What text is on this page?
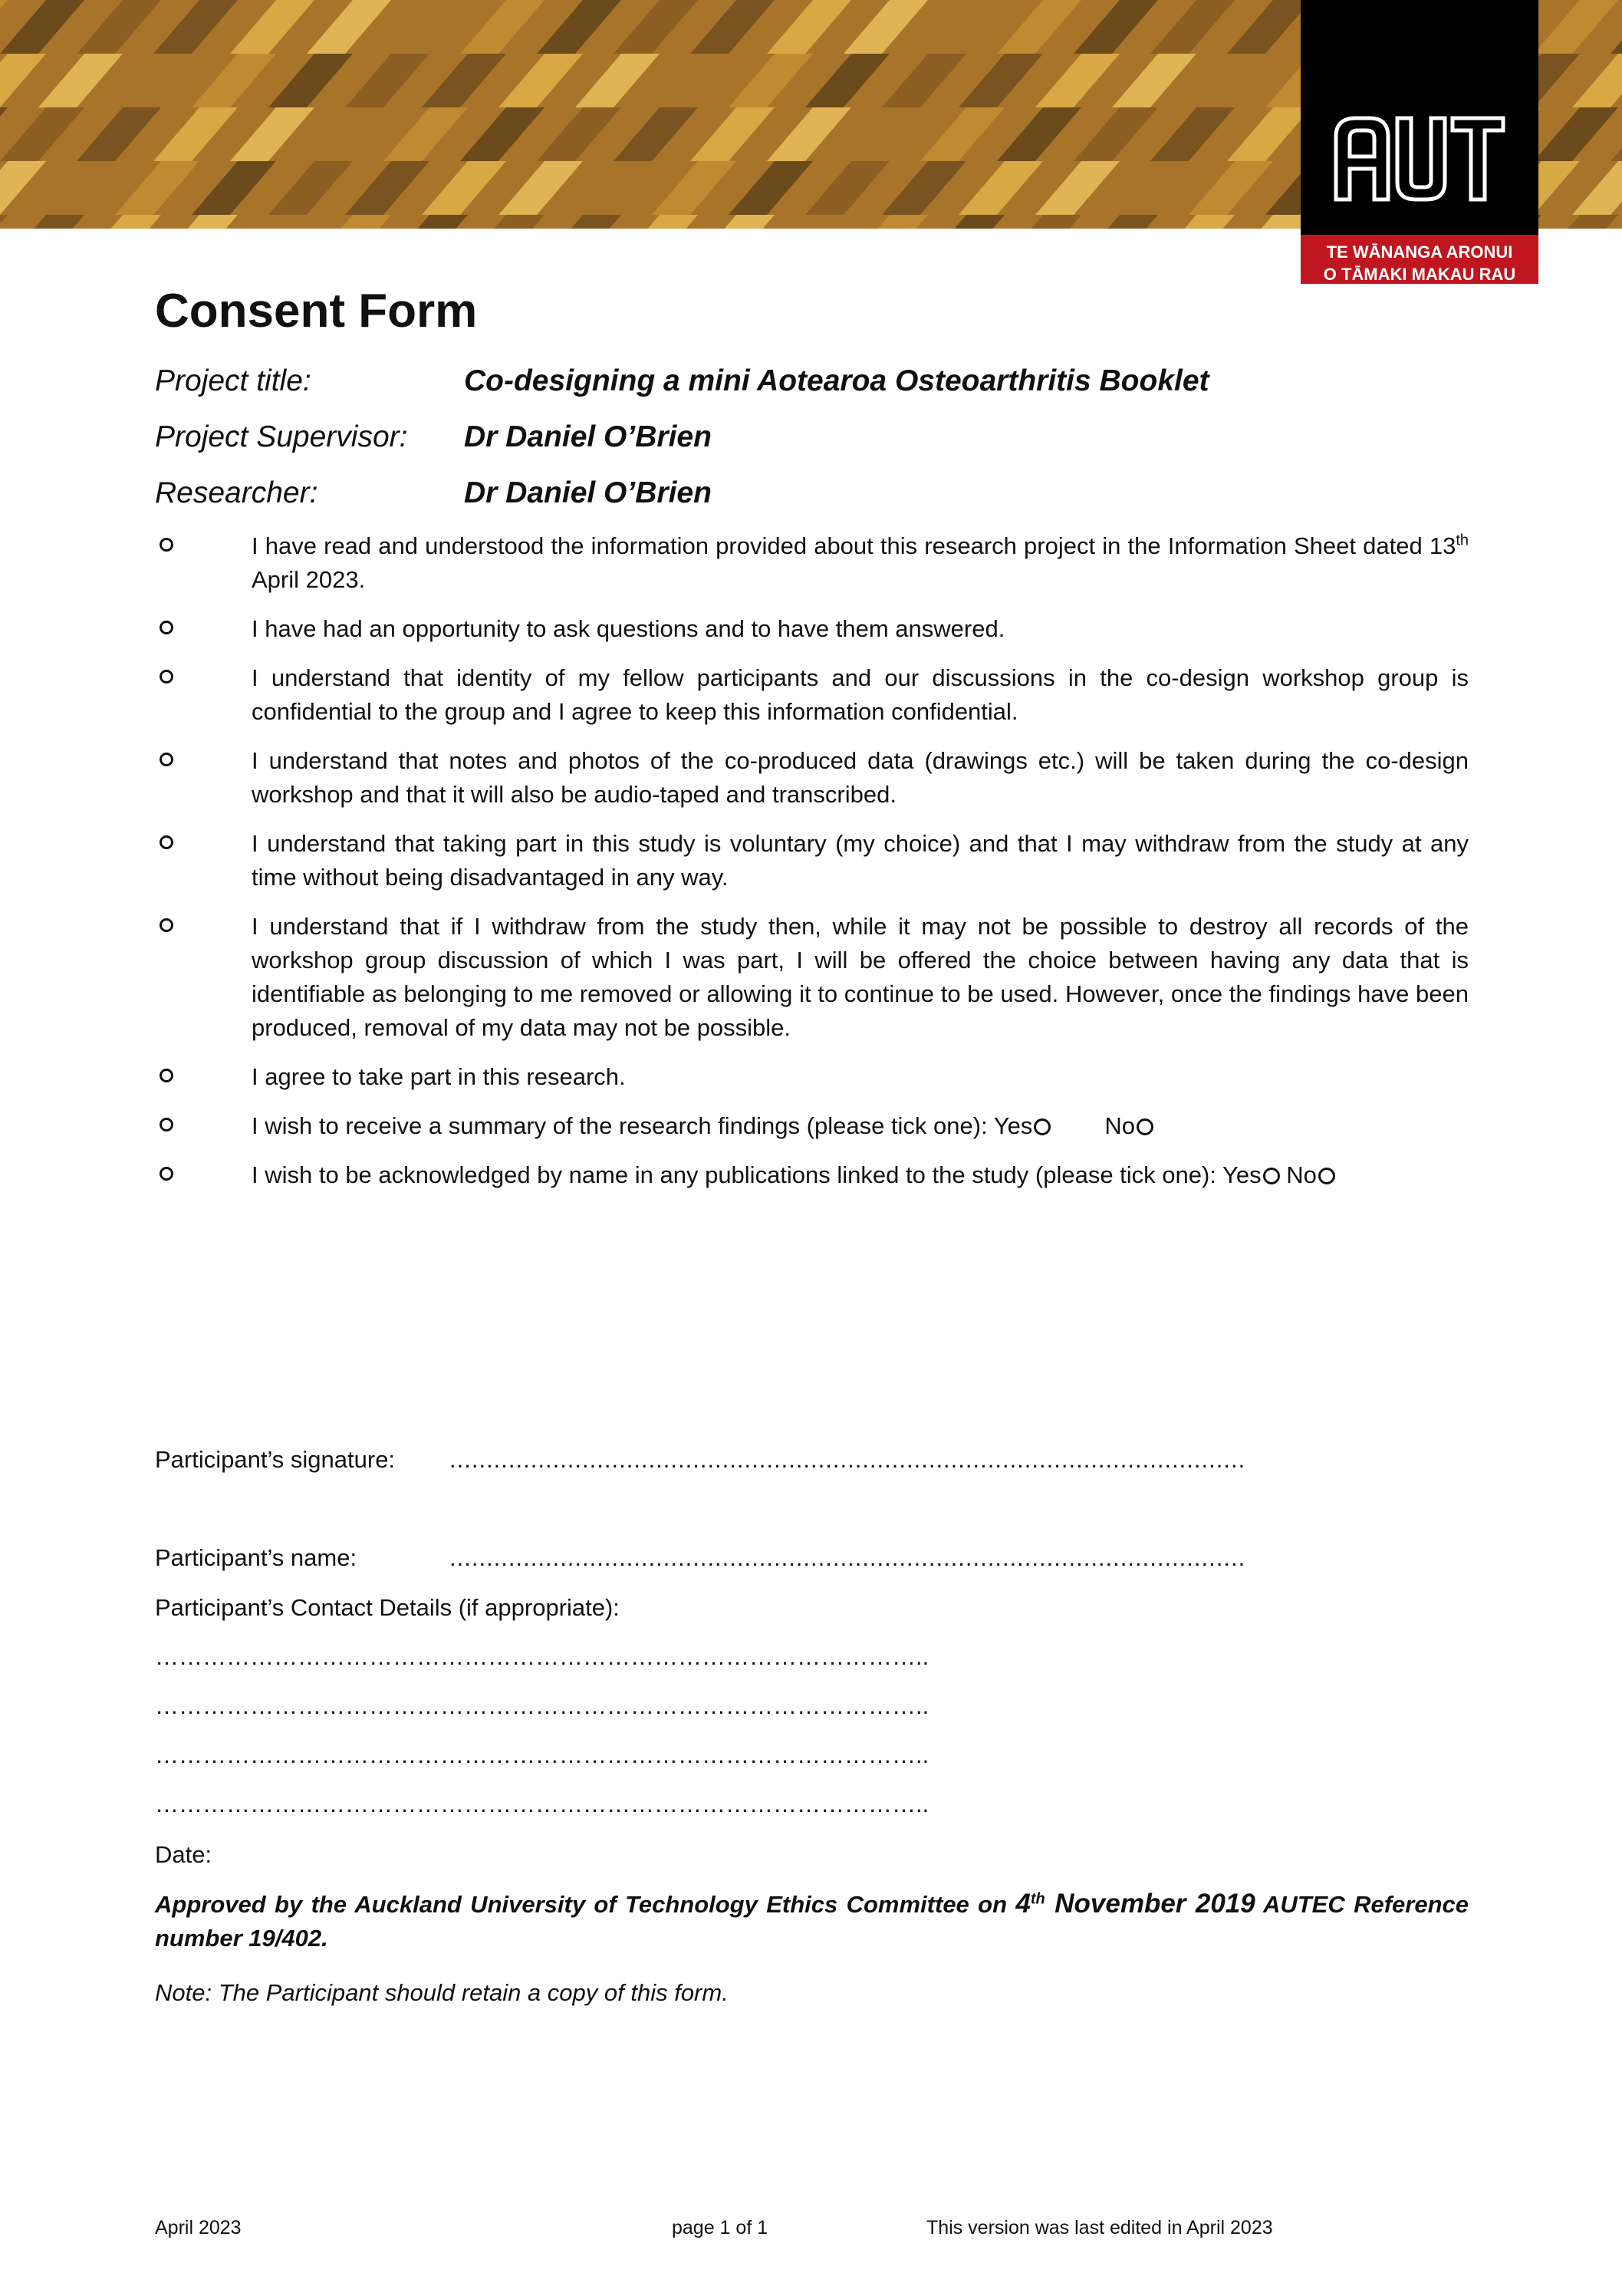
TE WĀNANGA ARONUI
O TĀMAKI MAKAU RAU
Consent Form
Project title:	Co-designing a mini Aotearoa Osteoarthritis Booklet
Project Supervisor: Dr Daniel O’Brien
Researcher:	Dr Daniel O’Brien
I have read and understood the information provided about this research project in the Information Sheet dated 13th April 2023.
I have had an opportunity to ask questions and to have them answered.
I understand that identity of my fellow participants and our discussions in the co-design workshop group is confidential to the group and I agree to keep this information confidential.
I understand that notes and photos of the co-produced data (drawings etc.) will be taken during the co-design workshop and that it will also be audio-taped and transcribed.
I understand that taking part in this study is voluntary (my choice) and that I may withdraw from the study at any time without being disadvantaged in any way.
I understand that if I withdraw from the study then, while it may not be possible to destroy all records of the workshop group discussion of which I was part, I will be offered the choice between having any data that is identifiable as belonging to me removed or allowing it to continue to be used. However, once the findings have been produced, removal of my data may not be possible.
I agree to take part in this research.
I wish to receive a summary of the research findings (please tick one): Yes	No
I wish to be acknowledged by name in any publications linked to the study (please tick one): Yes No
Participant’s signature: ............................................................................................................
Participant’s name:	............................................................................................................
Participant’s Contact Details (if appropriate):
……………………………………………………………………………………..
……………………………………………………………………………………..
……………………………………………………………………………………..
……………………………………………………………………………………..
Date:
Approved by the Auckland University of Technology Ethics Committee on 4th November 2019 AUTEC Reference number 19/402.
Note: The Participant should retain a copy of this form.
April 2023	page 1 of 1	This version was last edited in April 2023
